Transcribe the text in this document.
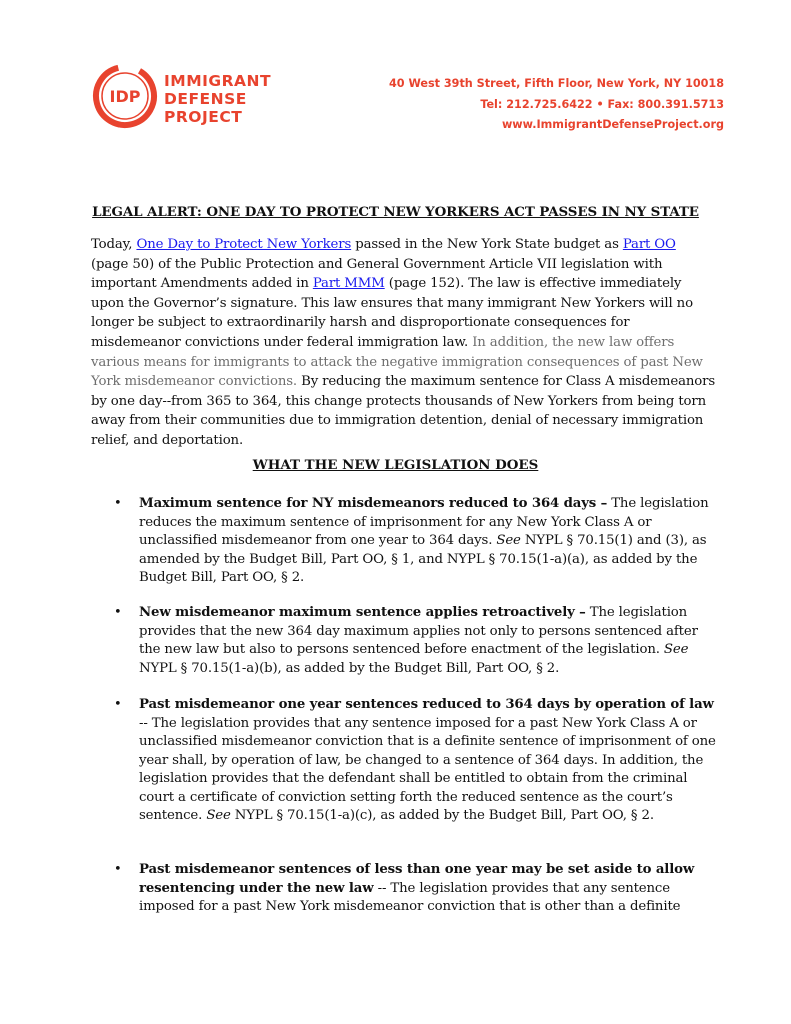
IDP
IMMIGRANT
DEFENSE
PROJECT
40 West 39th Street, Fifth Floor, New York, NY 10018
Tel: 212.725.6422 • Fax: 800.391.5713
www.ImmigrantDefenseProject.org
LEGAL ALERT: ONE DAY TO PROTECT NEW YORKERS ACT PASSES IN NY STATE
Today, One Day to Protect New Yorkers passed in the New York State budget as Part OO (page 50) of the Public Protection and General Government Article VII legislation with important Amendments added in Part MMM (page 152). The law is effective immediately upon the Governor’s signature. This law ensures that many immigrant New Yorkers will no longer be subject to extraordinarily harsh and disproportionate consequences for misdemeanor convictions under federal immigration law. In addition, the new law offers various means for immigrants to attack the negative immigration consequences of past New York misdemeanor convictions. By reducing the maximum sentence for Class A misdemeanors by one day--from 365 to 364, this change protects thousands of New Yorkers from being torn away from their communities due to immigration detention, denial of necessary immigration relief, and deportation.
WHAT THE NEW LEGISLATION DOES
• Maximum sentence for NY misdemeanors reduced to 364 days – The legislation reduces the maximum sentence of imprisonment for any New York Class A or unclassified misdemeanor from one year to 364 days. See NYPL § 70.15(1) and (3), as amended by the Budget Bill, Part OO, § 1, and NYPL § 70.15(1-a)(a), as added by the Budget Bill, Part OO, § 2.
• New misdemeanor maximum sentence applies retroactively – The legislation provides that the new 364 day maximum applies not only to persons sentenced after the new law but also to persons sentenced before enactment of the legislation. See NYPL § 70.15(1-a)(b), as added by the Budget Bill, Part OO, § 2.
• Past misdemeanor one year sentences reduced to 364 days by operation of law -- The legislation provides that any sentence imposed for a past New York Class A or unclassified misdemeanor conviction that is a definite sentence of imprisonment of one year shall, by operation of law, be changed to a sentence of 364 days. In addition, the legislation provides that the defendant shall be entitled to obtain from the criminal court a certificate of conviction setting forth the reduced sentence as the court’s sentence. See NYPL § 70.15(1-a)(c), as added by the Budget Bill, Part OO, § 2.
• Past misdemeanor sentences of less than one year may be set aside to allow resentencing under the new law -- The legislation provides that any sentence imposed for a past New York misdemeanor conviction that is other than a definite
